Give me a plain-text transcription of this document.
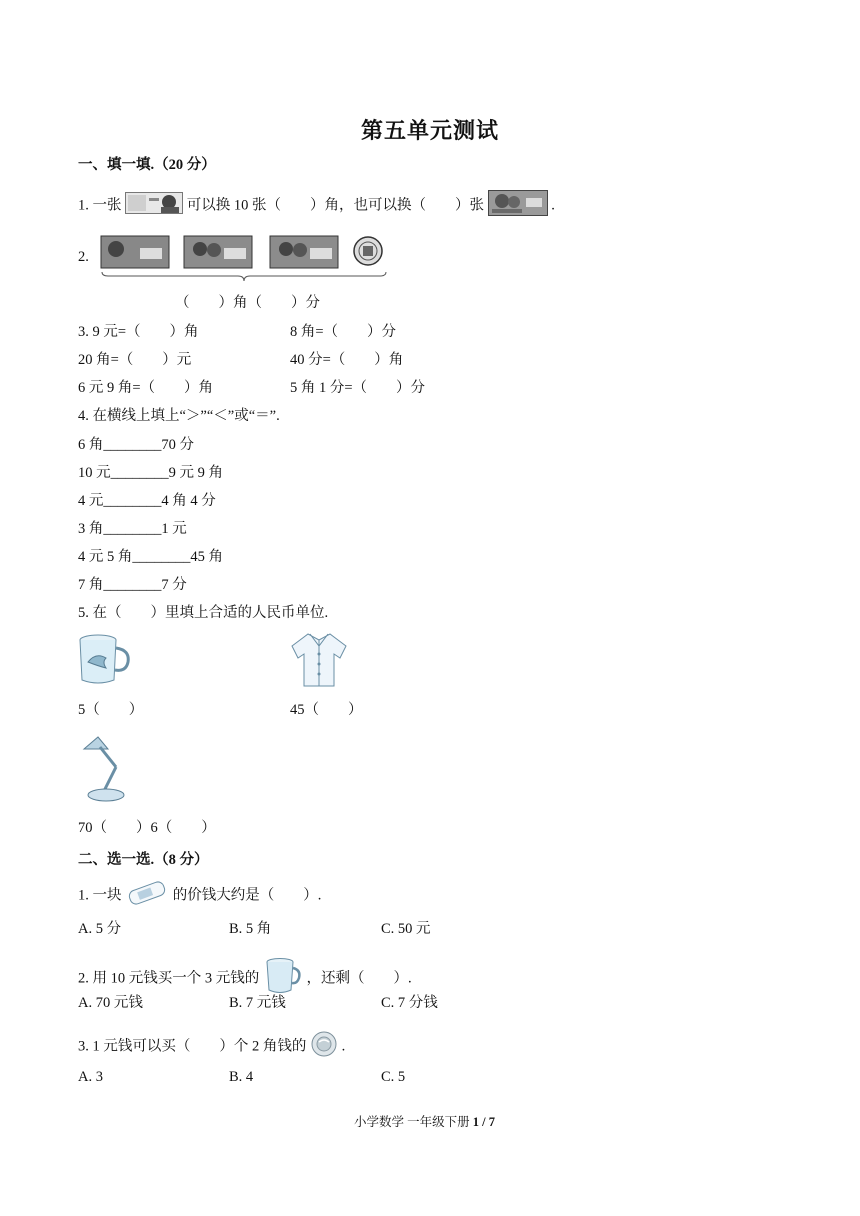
第五单元测试
一、填一填.（20 分）
1. 一张	可以换 10 张（　　）角，也可以换（　　）张	.
2.
（　　）角（　　）分
3. 9 元=（　　）角	8 角=（　　）分
20 角=（　　）元	40 分=（　　）角
6 元 9 角=（　　）角	5 角 1 分=（　　）分
4. 在横线上填上“＞”“＜”或“＝”.
6 角________70 分
10 元________9 元 9 角
4 元________4 角 4 分
3 角________1 元
4 元 5 角________45 角
7 角________7 分
5. 在（　　）里填上合适的人民币单位.
5（　　）	45（　　）
70（　　）6（　　）
二、选一选.（8 分）
1. 一块	的价钱大约是（　　）.
A. 5 分	B. 5 角	C. 50 元
2. 用 10 元钱买一个 3 元钱的	，还剩（　　）.
A. 70 元钱	B. 7 元钱	C. 7 分钱
3. 1 元钱可以买（　　）个 2 角钱的 .
A. 3	B. 4	C. 5
小学数学 一年级下册 1 / 7
